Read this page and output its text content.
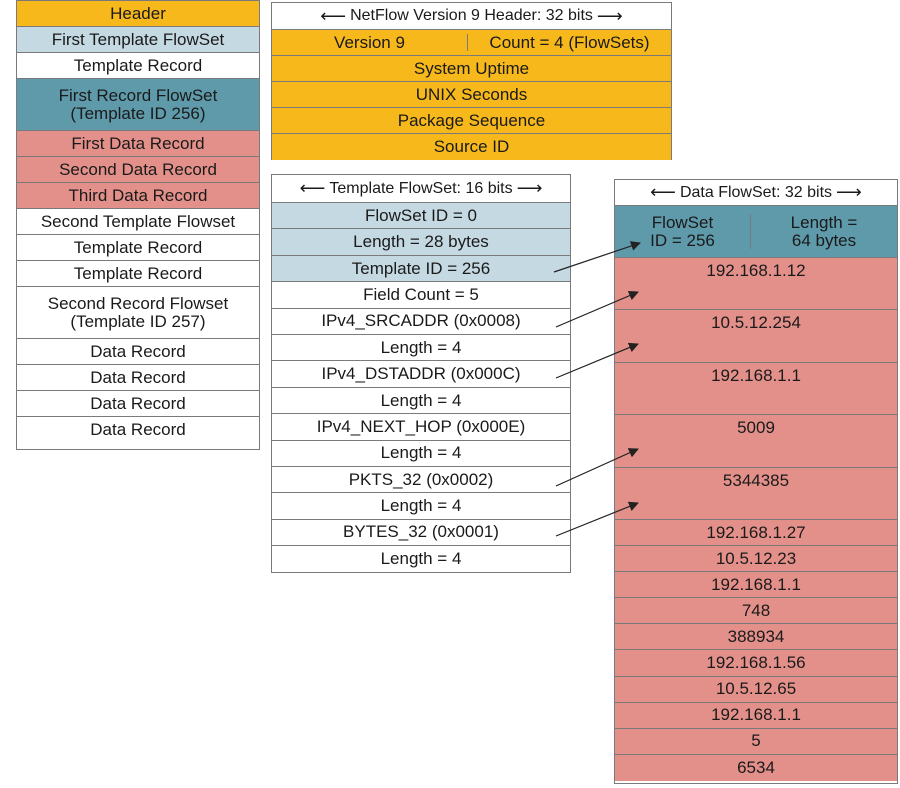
Header
First Template FlowSet
Template Record
First Record FlowSet
(Template ID 256)
First Data Record
Second Data Record
Third Data Record
Second Template Flowset
Template Record
Template Record
Second Record Flowset
(Template ID 257)
Data Record
Data Record
Data Record
Data Record
⟵ NetFlow Version 9 Header: 32 bits ⟶
Version 9	Count = 4 (FlowSets)
System Uptime
UNIX Seconds
Package Sequence
Source ID
⟵ Template FlowSet: 16 bits ⟶
FlowSet ID = 0
Length = 28 bytes
Template ID = 256
Field Count = 5
IPv4_SRCADDR (0x0008)
Length = 4
IPv4_DSTADDR (0x000C)
Length = 4
IPv4_NEXT_HOP (0x000E)
Length = 4
PKTS_32 (0x0002)
Length = 4
BYTES_32 (0x0001)
Length = 4
⟵ Data FlowSet: 32 bits ⟶
FlowSet
ID = 256
Length =
64 bytes
192.168.1.12
10.5.12.254
192.168.1.1
5009
5344385
192.168.1.27
10.5.12.23
192.168.1.1
748
388934
192.168.1.56
10.5.12.65
192.168.1.1
5
6534
